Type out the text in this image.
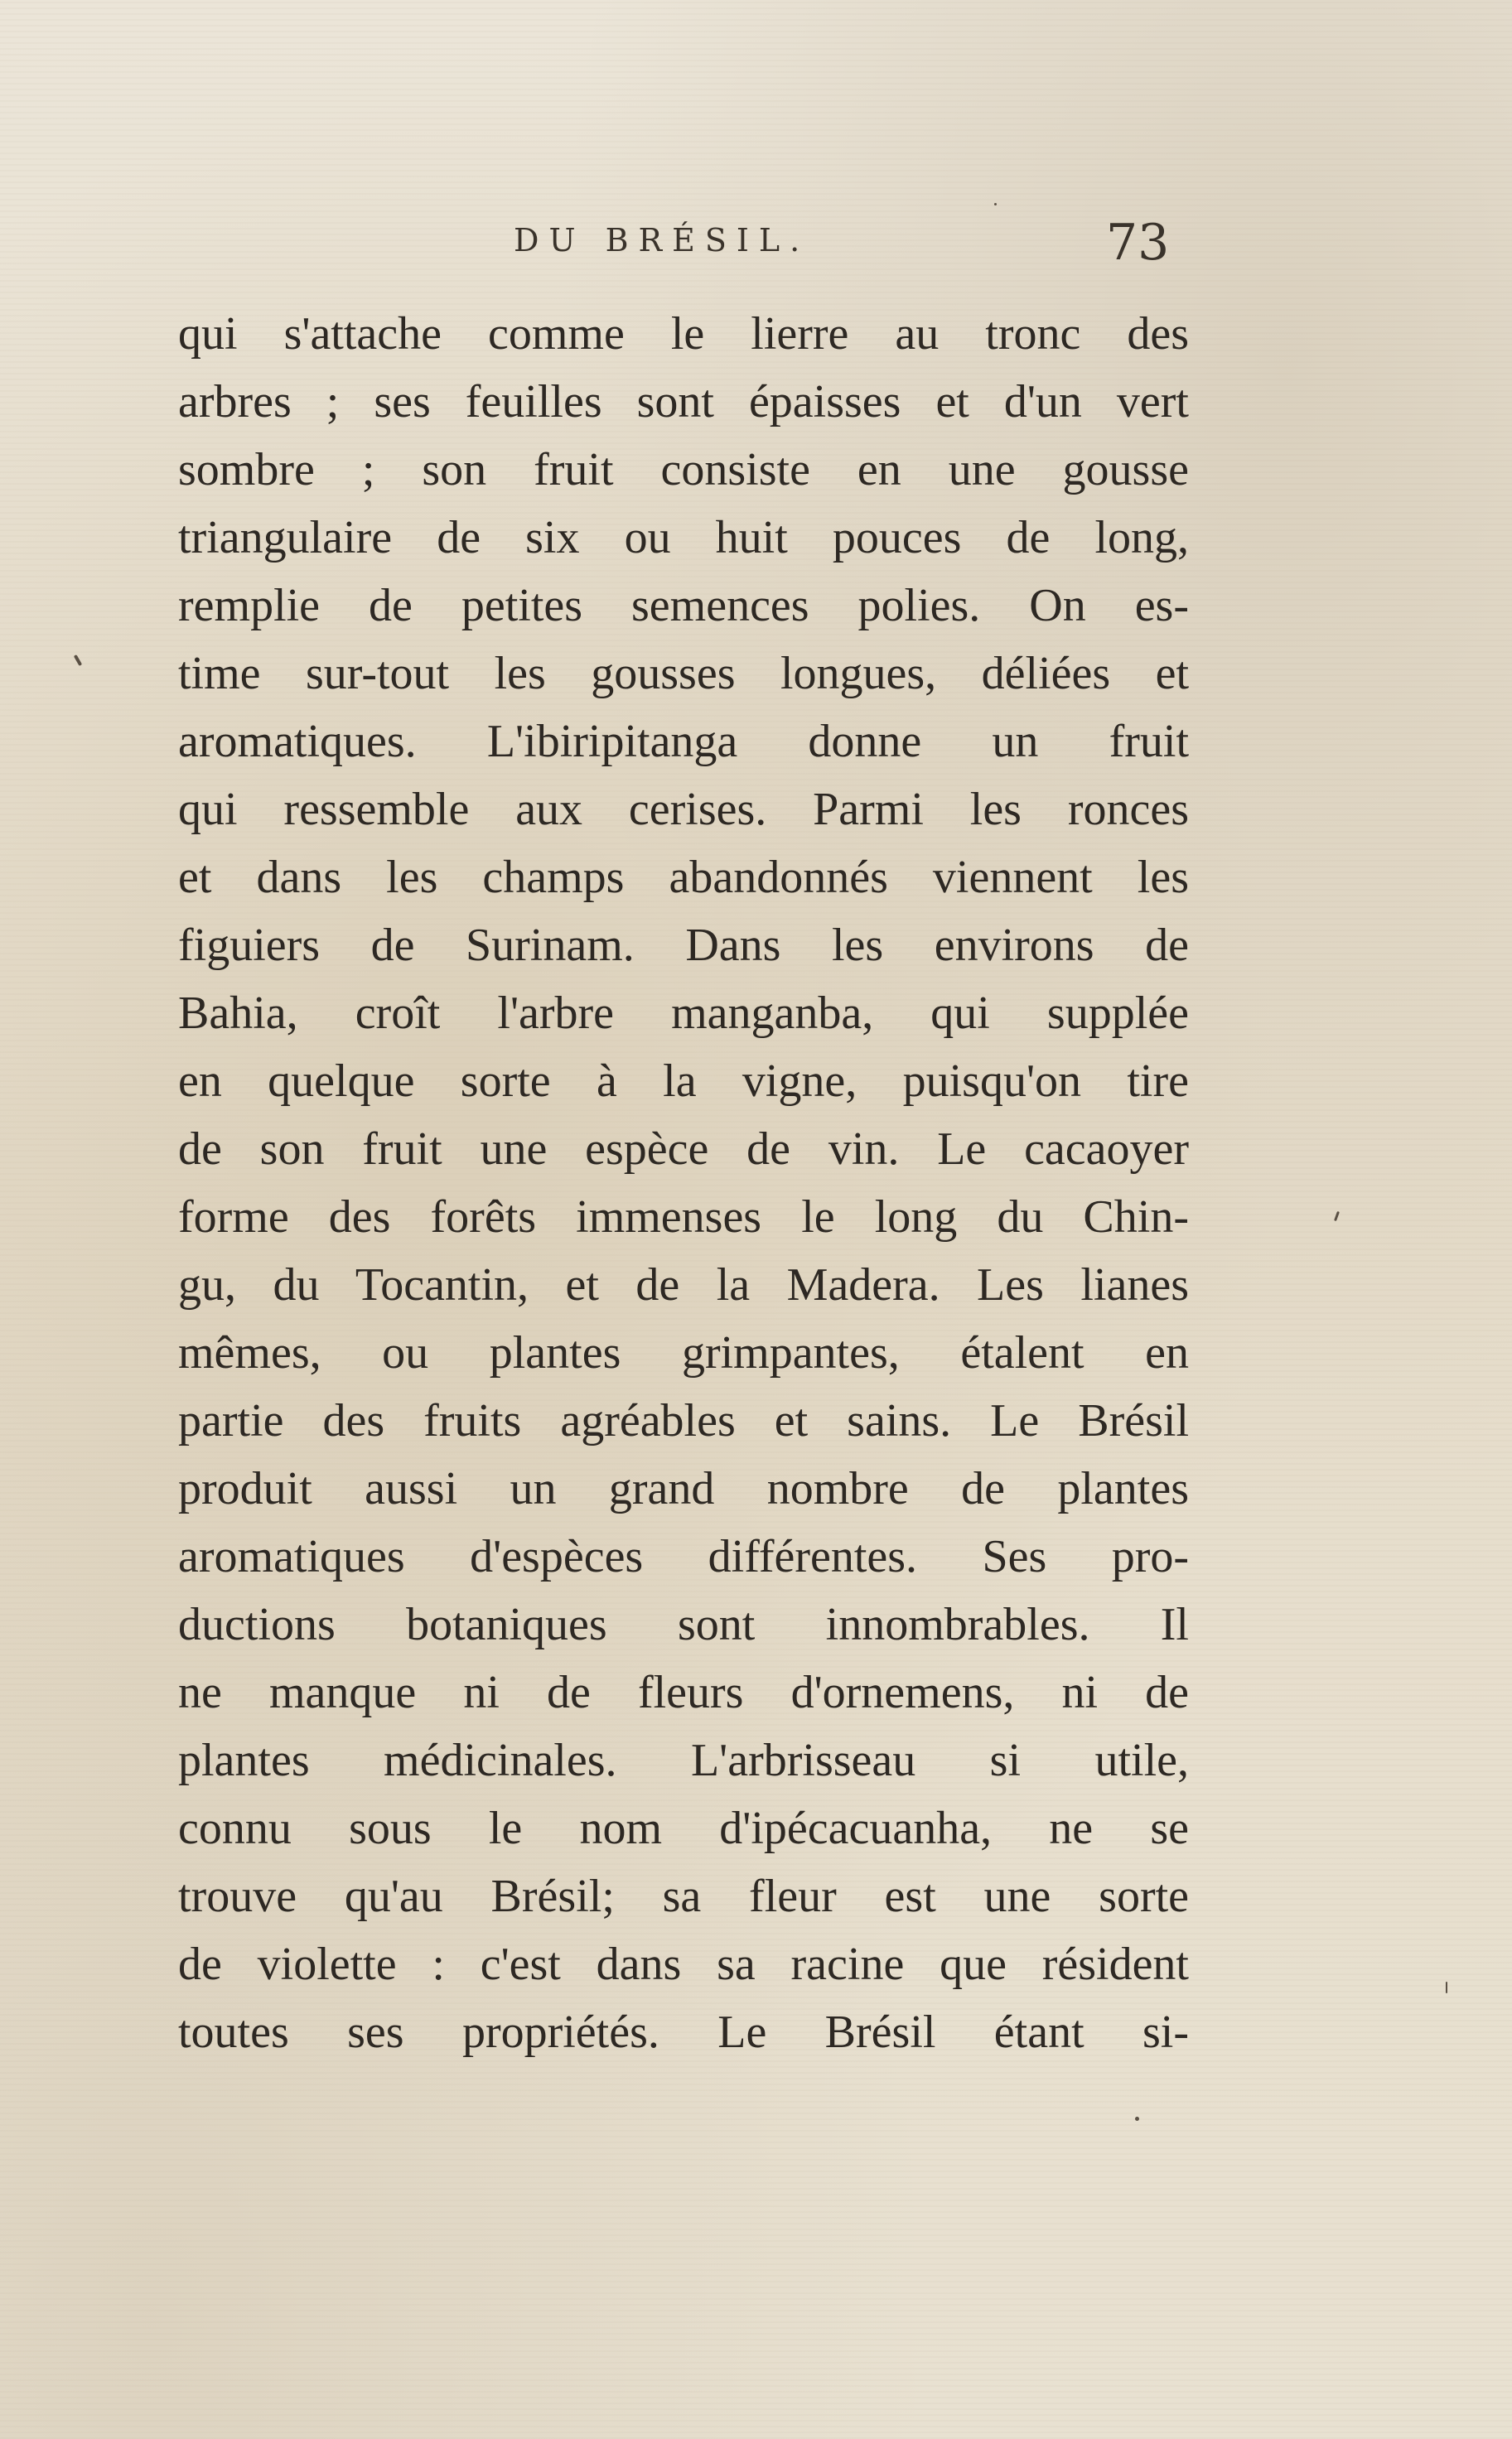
DU BRÉSIL.	73
qui s'attache comme le lierre au tronc des
arbres ; ses feuilles sont épaisses et d'un vert
sombre ; son fruit consiste en une gousse
triangulaire de six ou huit pouces de long,
remplie de petites semences polies. On es-
time sur-tout les gousses longues, déliées et
aromatiques. L'ibiripitanga donne un fruit
qui ressemble aux cerises. Parmi les ronces
et dans les champs abandonnés viennent les
figuiers de Surinam. Dans les environs de
Bahia, croît l'arbre manganba, qui supplée
en quelque sorte à la vigne, puisqu'on tire
de son fruit une espèce de vin. Le cacaoyer
forme des forêts immenses le long du Chin-
gu, du Tocantin, et de la Madera. Les lianes
mêmes, ou plantes grimpantes, étalent en
partie des fruits agréables et sains. Le Brésil
produit aussi un grand nombre de plantes
aromatiques d'espèces différentes. Ses pro-
ductions botaniques sont innombrables. Il
ne manque ni de fleurs d'ornemens, ni de
plantes médicinales. L'arbrisseau si utile,
connu sous le nom d'ipécacuanha, ne se
trouve qu'au Brésil; sa fleur est une sorte
de violette : c'est dans sa racine que résident
toutes ses propriétés. Le Brésil étant si-
